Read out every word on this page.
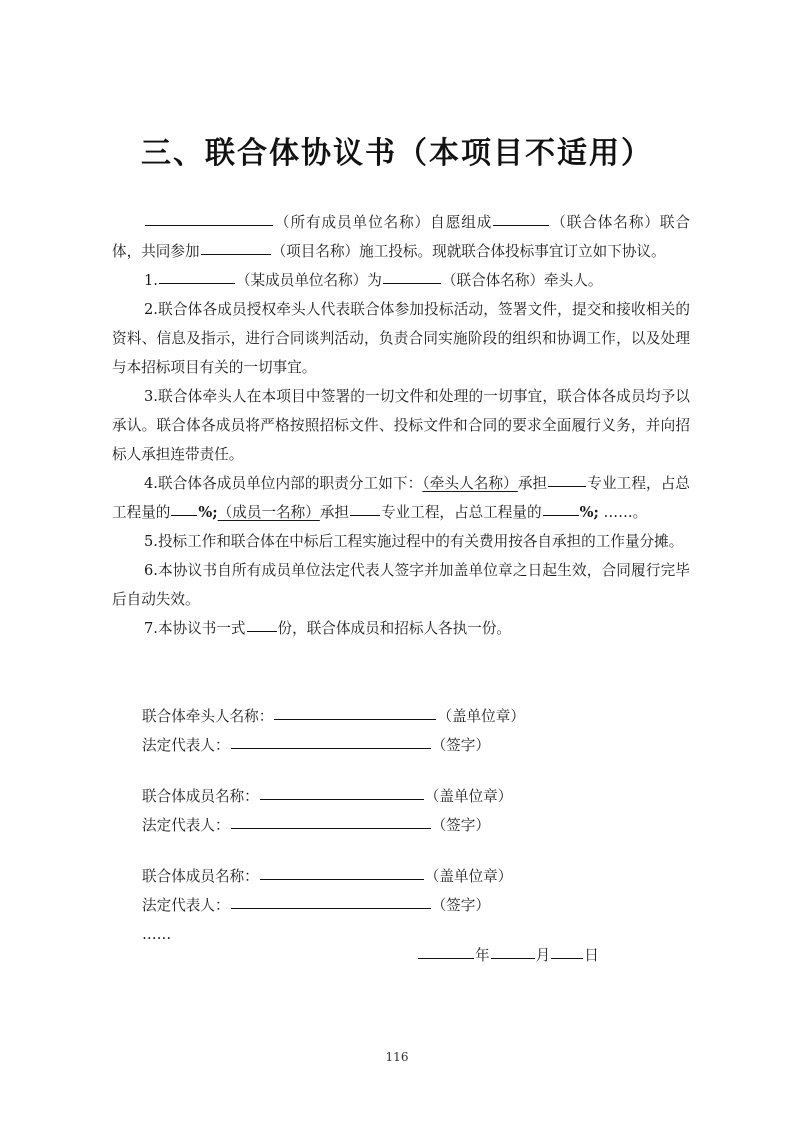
三、联合体协议书（本项目不适用）

（所有成员单位名称）自愿组成	（联合体名称）联合体，共同参加	（项目名称）施工投标。现就联合体投标事宜订立如下协议。

1.	（某成员单位名称）为	（联合体名称）牵头人。

2.联合体各成员授权牵头人代表联合体参加投标活动，签署文件，提交和接收相关的资料、信息及指示，进行合同谈判活动，负责合同实施阶段的组织和协调工作，以及处理与本招标项目有关的一切事宜。

3.联合体牵头人在本项目中签署的一切文件和处理的一切事宜，联合体各成员均予以承认。联合体各成员将严格按照招标文件、投标文件和合同的要求全面履行义务，并向招标人承担连带责任。

4.联合体各成员单位内部的职责分工如下：（牵头人名称）承担	专业工程，占总工程量的 %;（成员一名称）承担 专业工程，占总工程量的	%; ……。

5.投标工作和联合体在中标后工程实施过程中的有关费用按各自承担的工作量分摊。

6.本协议书自所有成员单位法定代表人签字并加盖单位章之日起生效，合同履行完毕后自动失效。

7.本协议书一式 份，联合体成员和招标人各执一份。

联合体牵头人名称：	（盖单位章）

法定代表人：	（签字）

联合体成员名称：	（盖单位章）

法定代表人：	（签字）

联合体成员名称：	（盖单位章）

法定代表人：	（签字）

……

年	月 日
116
